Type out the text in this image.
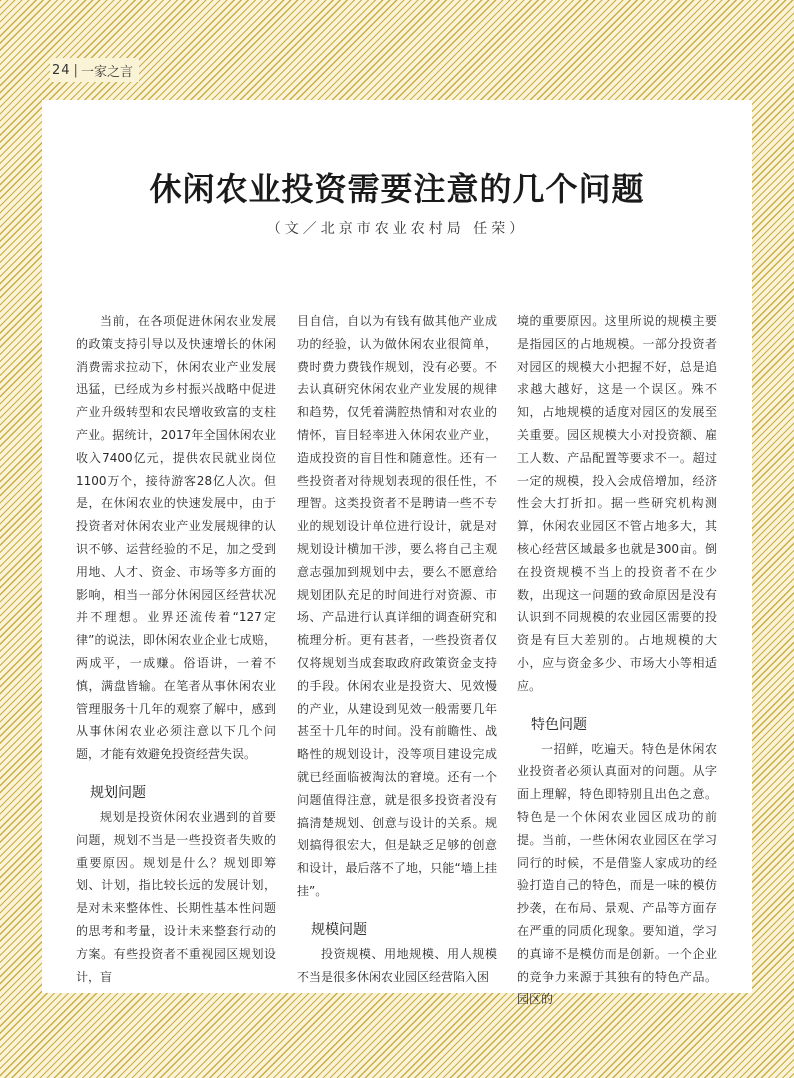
24 | 一家之言
休闲农业投资需要注意的几个问题
（文／北京市农业农村局 任荣）

当前，在各项促进休闲农业发展的政策支持引导以及快速增长的休闲消费需求拉动下，休闲农业产业发展迅猛，已经成为乡村振兴战略中促进产业升级转型和农民增收致富的支柱产业。据统计，2017年全国休闲农业收入7400亿元，提供农民就业岗位1100万个，接待游客28亿人次。但是，在休闲农业的快速发展中，由于投资者对休闲农业产业发展规律的认识不够、运营经验的不足，加之受到用地、人才、资金、市场等多方面的影响，相当一部分休闲园区经营状况并不理想。业界还流传着“127定律”的说法，即休闲农业企业七成赔，两成平，一成赚。俗语讲，一着不慎，满盘皆输。在笔者从事休闲农业管理服务十几年的观察了解中，感到从事休闲农业必须注意以下几个问题，才能有效避免投资经营失误。

规划问题

规划是投资休闲农业遇到的首要问题，规划不当是一些投资者失败的重要原因。规划是什么？规划即筹划、计划，指比较长远的发展计划，是对未来整体性、长期性基本性问题的思考和考量，设计未来整套行动的方案。有些投资者不重视园区规划设计，盲

目自信，自以为有钱有做其他产业成功的经验，认为做休闲农业很简单，费时费力费钱作规划，没有必要。不去认真研究休闲农业产业发展的规律和趋势，仅凭着满腔热情和对农业的情怀，盲目轻率进入休闲农业产业，造成投资的盲目性和随意性。还有一些投资者对待规划表现的很任性，不理智。这类投资者不是聘请一些不专业的规划设计单位进行设计，就是对规划设计横加干涉，要么将自己主观意志强加到规划中去，要么不愿意给规划团队充足的时间进行对资源、市场、产品进行认真详细的调查研究和梳理分析。更有甚者，一些投资者仅仅将规划当成套取政府政策资金支持的手段。休闲农业是投资大、见效慢的产业，从建设到见效一般需要几年甚至十几年的时间。没有前瞻性、战略性的规划设计，没等项目建设完成就已经面临被淘汰的窘境。还有一个问题值得注意，就是很多投资者没有搞清楚规划、创意与设计的关系。规划搞得很宏大，但是缺乏足够的创意和设计，最后落不了地，只能“墙上挂挂”。

规模问题

投资规模、用地规模、用人规模不当是很多休闲农业园区经营陷入困

境的重要原因。这里所说的规模主要是指园区的占地规模。一部分投资者对园区的规模大小把握不好，总是追求越大越好，这是一个误区。殊不知，占地规模的适度对园区的发展至关重要。园区规模大小对投资额、雇工人数、产品配置等要求不一。超过一定的规模，投入会成倍增加，经济性会大打折扣。据一些研究机构测算，休闲农业园区不管占地多大，其核心经营区域最多也就是300亩。倒在投资规模不当上的投资者不在少数，出现这一问题的致命原因是没有认识到不同规模的农业园区需要的投资是有巨大差别的。占地规模的大小，应与资金多少、市场大小等相适应。

特色问题

一招鲜，吃遍天。特色是休闲农业投资者必须认真面对的问题。从字面上理解，特色即特别且出色之意。特色是一个休闲农业园区成功的前提。当前，一些休闲农业园区在学习同行的时候，不是借鉴人家成功的经验打造自己的特色，而是一味的模仿抄袭，在布局、景观、产品等方面存在严重的同质化现象。要知道，学习的真谛不是模仿而是创新。一个企业的竞争力来源于其独有的特色产品。园区的
